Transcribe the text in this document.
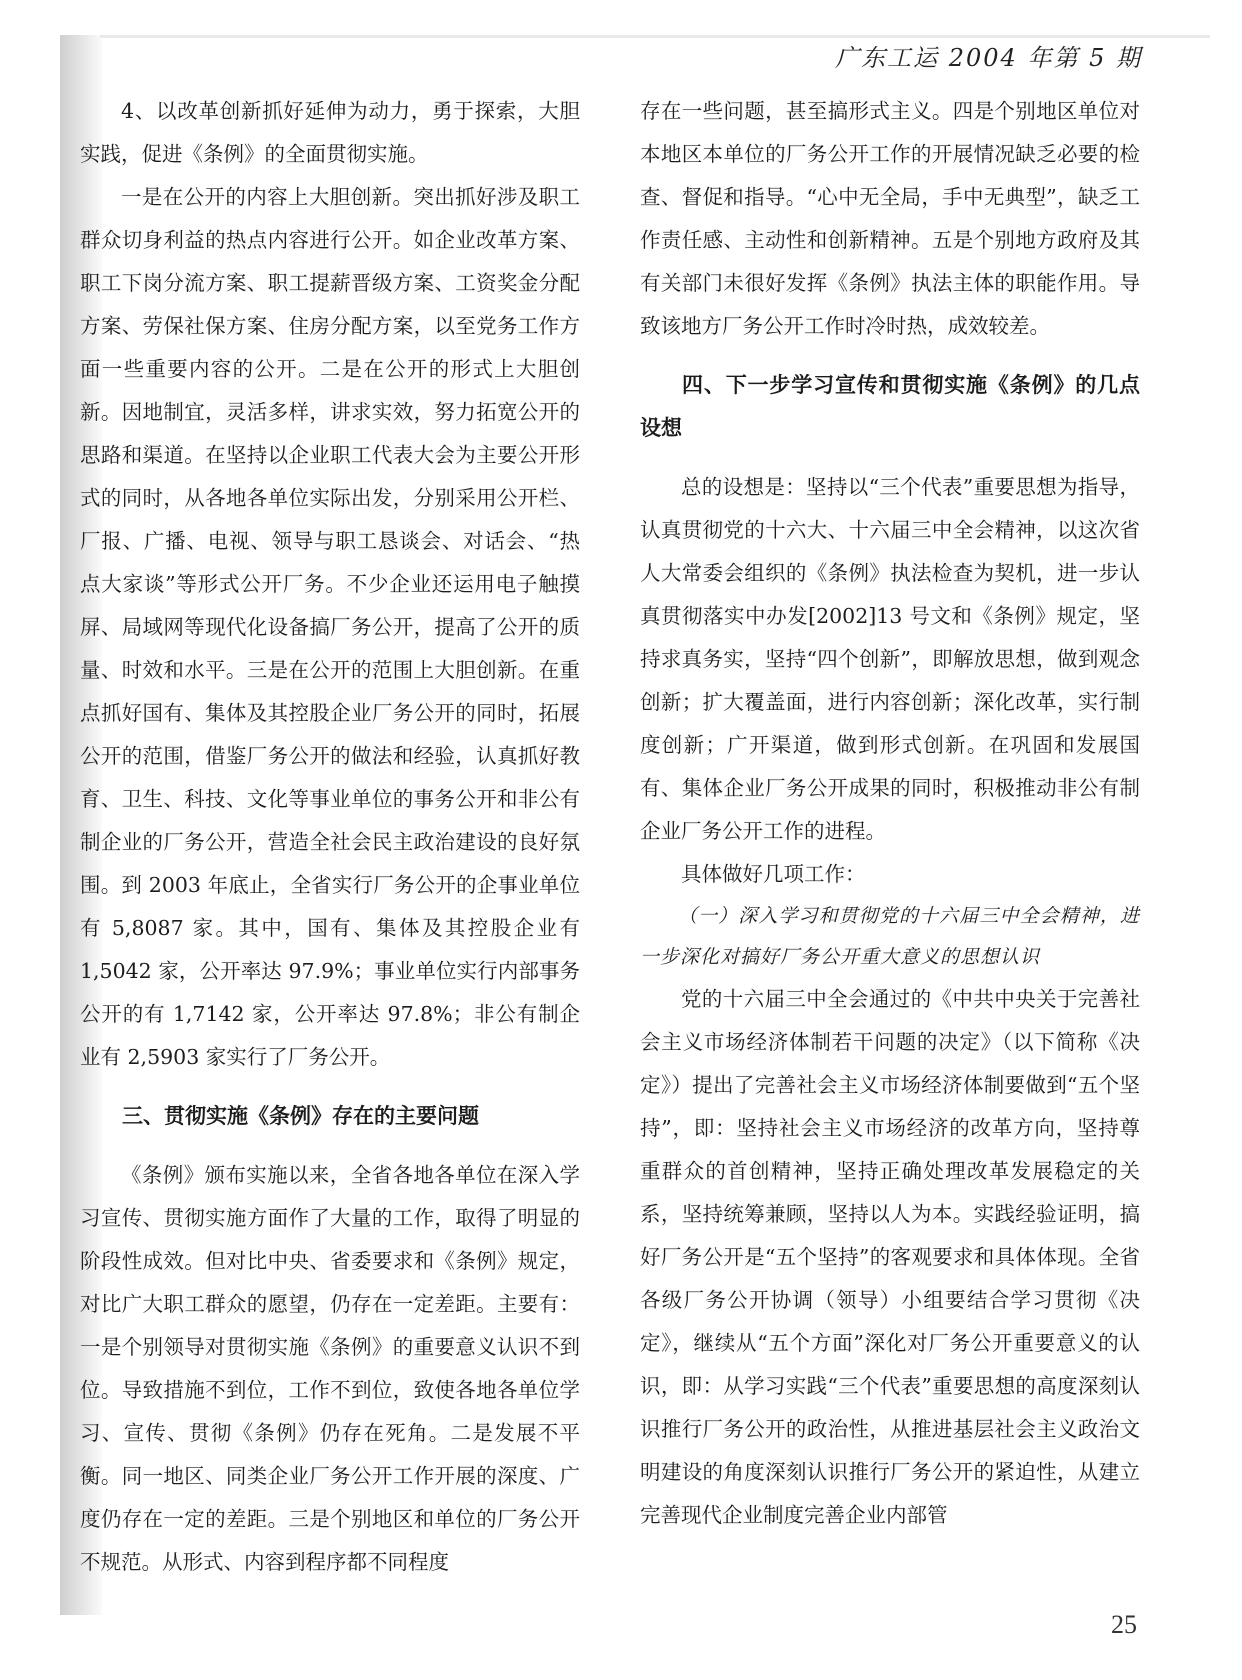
广东工运 2004 年第 5 期

4、以改革创新抓好延伸为动力，勇于探索，大胆实践，促进《条例》的全面贯彻实施。

一是在公开的内容上大胆创新。突出抓好涉及职工群众切身利益的热点内容进行公开。如企业改革方案、职工下岗分流方案、职工提薪晋级方案、工资奖金分配方案、劳保社保方案、住房分配方案，以至党务工作方面一些重要内容的公开。二是在公开的形式上大胆创新。因地制宜，灵活多样，讲求实效，努力拓宽公开的思路和渠道。在坚持以企业职工代表大会为主要公开形式的同时，从各地各单位实际出发，分别采用公开栏、厂报、广播、电视、领导与职工恳谈会、对话会、“热点大家谈”等形式公开厂务。不少企业还运用电子触摸屏、局域网等现代化设备搞厂务公开，提高了公开的质量、时效和水平。三是在公开的范围上大胆创新。在重点抓好国有、集体及其控股企业厂务公开的同时，拓展公开的范围，借鉴厂务公开的做法和经验，认真抓好教育、卫生、科技、文化等事业单位的事务公开和非公有制企业的厂务公开，营造全社会民主政治建设的良好氛围。到 2003 年底止，全省实行厂务公开的企事业单位有 5,8087 家。其中，国有、集体及其控股企业有 1,5042 家，公开率达 97.9%；事业单位实行内部事务公开的有 1,7142 家，公开率达 97.8%；非公有制企业有 2,5903 家实行了厂务公开。

三、贯彻实施《条例》存在的主要问题

《条例》颁布实施以来，全省各地各单位在深入学习宣传、贯彻实施方面作了大量的工作，取得了明显的阶段性成效。但对比中央、省委要求和《条例》规定，对比广大职工群众的愿望，仍存在一定差距。主要有：一是个别领导对贯彻实施《条例》的重要意义认识不到位。导致措施不到位，工作不到位，致使各地各单位学习、宣传、贯彻《条例》仍存在死角。二是发展不平衡。同一地区、同类企业厂务公开工作开展的深度、广度仍存在一定的差距。三是个别地区和单位的厂务公开不规范。从形式、内容到程序都不同程度

存在一些问题，甚至搞形式主义。四是个别地区单位对本地区本单位的厂务公开工作的开展情况缺乏必要的检查、督促和指导。“心中无全局，手中无典型”，缺乏工作责任感、主动性和创新精神。五是个别地方政府及其有关部门未很好发挥《条例》执法主体的职能作用。导致该地方厂务公开工作时冷时热，成效较差。

四、下一步学习宣传和贯彻实施《条例》的几点设想

总的设想是：坚持以“三个代表”重要思想为指导，认真贯彻党的十六大、十六届三中全会精神，以这次省人大常委会组织的《条例》执法检查为契机，进一步认真贯彻落实中办发[2002]13 号文和《条例》规定，坚持求真务实，坚持“四个创新”，即解放思想，做到观念创新；扩大覆盖面，进行内容创新；深化改革，实行制度创新；广开渠道，做到形式创新。在巩固和发展国有、集体企业厂务公开成果的同时，积极推动非公有制企业厂务公开工作的进程。

具体做好几项工作：

（一）深入学习和贯彻党的十六届三中全会精神，进一步深化对搞好厂务公开重大意义的思想认识

党的十六届三中全会通过的《中共中央关于完善社会主义市场经济体制若干问题的决定》（以下简称《决定》）提出了完善社会主义市场经济体制要做到“五个坚持”，即：坚持社会主义市场经济的改革方向，坚持尊重群众的首创精神，坚持正确处理改革发展稳定的关系，坚持统筹兼顾，坚持以人为本。实践经验证明，搞好厂务公开是“五个坚持”的客观要求和具体体现。全省各级厂务公开协调（领导）小组要结合学习贯彻《决定》，继续从“五个方面”深化对厂务公开重要意义的认识，即：从学习实践“三个代表”重要思想的高度深刻认识推行厂务公开的政治性，从推进基层社会主义政治文明建设的角度深刻认识推行厂务公开的紧迫性，从建立完善现代企业制度完善企业内部管

25
